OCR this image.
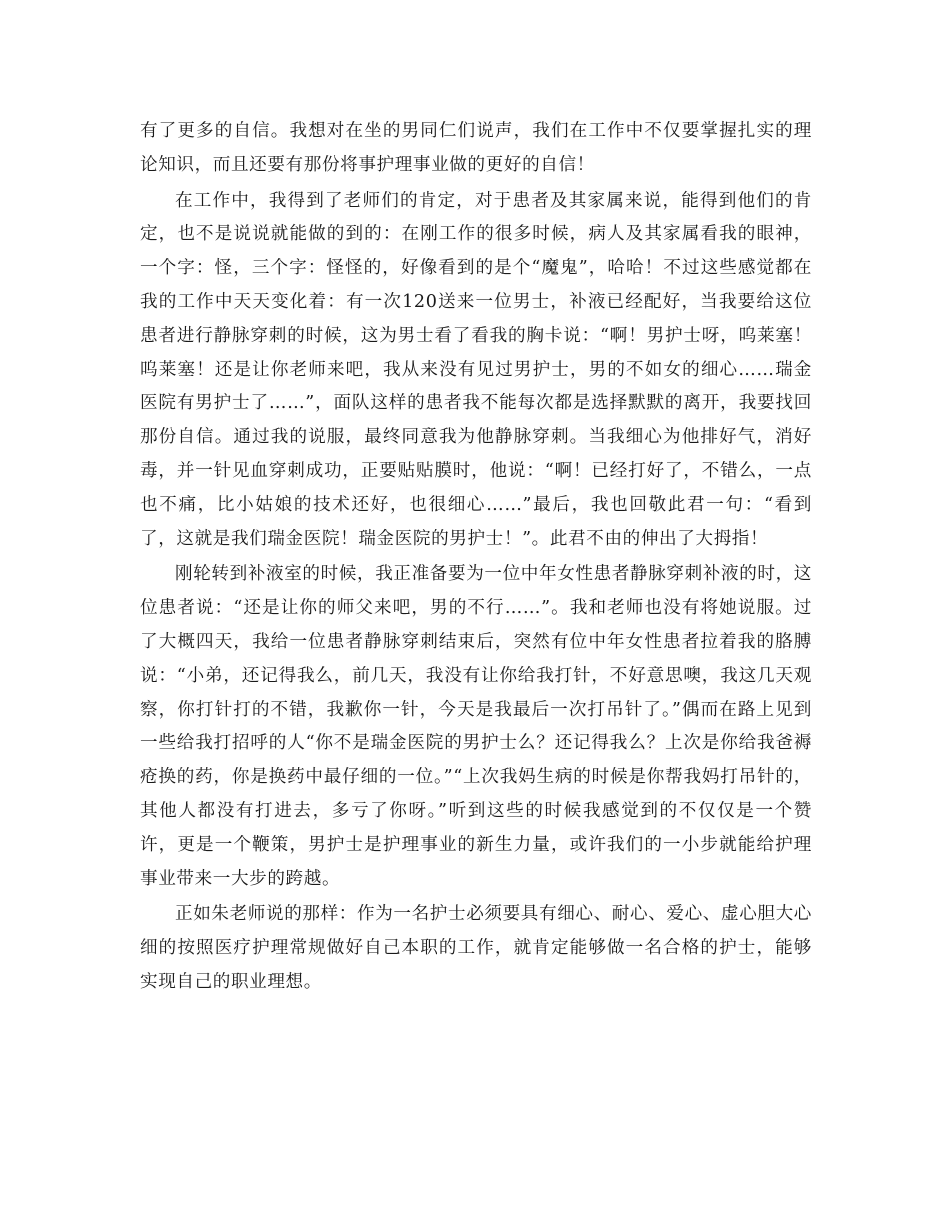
有了更多的自信。我想对在坐的男同仁们说声，我们在工作中不仅要掌握扎实的理论知识，而且还要有那份将事护理事业做的更好的自信！

在工作中，我得到了老师们的肯定，对于患者及其家属来说，能得到他们的肯定，也不是说说就能做的到的：在刚工作的很多时候，病人及其家属看我的眼神，一个字：怪，三个字：怪怪的，好像看到的是个“魔鬼”，哈哈！不过这些感觉都在我的工作中天天变化着：有一次120送来一位男士，补液已经配好，当我要给这位患者进行静脉穿刺的时候，这为男士看了看我的胸卡说：“啊！男护士呀，呜莱塞！呜莱塞！还是让你老师来吧，我从来没有见过男护士，男的不如女的细心……瑞金医院有男护士了……”，面队这样的患者我不能每次都是选择默默的离开，我要找回那份自信。通过我的说服，最终同意我为他静脉穿刺。当我细心为他排好气，消好毒，并一针见血穿刺成功，正要贴贴膜时，他说：“啊！已经打好了，不错么，一点也不痛，比小姑娘的技术还好，也很细心……”最后，我也回敬此君一句：“看到了，这就是我们瑞金医院！瑞金医院的男护士！”。此君不由的伸出了大拇指！

刚轮转到补液室的时候，我正准备要为一位中年女性患者静脉穿刺补液的时，这位患者说：“还是让你的师父来吧，男的不行……”。我和老师也没有将她说服。过了大概四天，我给一位患者静脉穿刺结束后，突然有位中年女性患者拉着我的胳膊说：“小弟，还记得我么，前几天，我没有让你给我打针，不好意思噢，我这几天观察，你打针打的不错，我歉你一针，今天是我最后一次打吊针了。”偶而在路上见到一些给我打招呼的人“你不是瑞金医院的男护士么？还记得我么？上次是你给我爸褥疮换的药，你是换药中最仔细的一位。”“上次我妈生病的时候是你帮我妈打吊针的，其他人都没有打进去，多亏了你呀。”听到这些的时候我感觉到的不仅仅是一个赞许，更是一个鞭策，男护士是护理事业的新生力量，或许我们的一小步就能给护理事业带来一大步的跨越。

正如朱老师说的那样：作为一名护士必须要具有细心、耐心、爱心、虚心胆大心细的按照医疗护理常规做好自己本职的工作，就肯定能够做一名合格的护士，能够实现自己的职业理想。
